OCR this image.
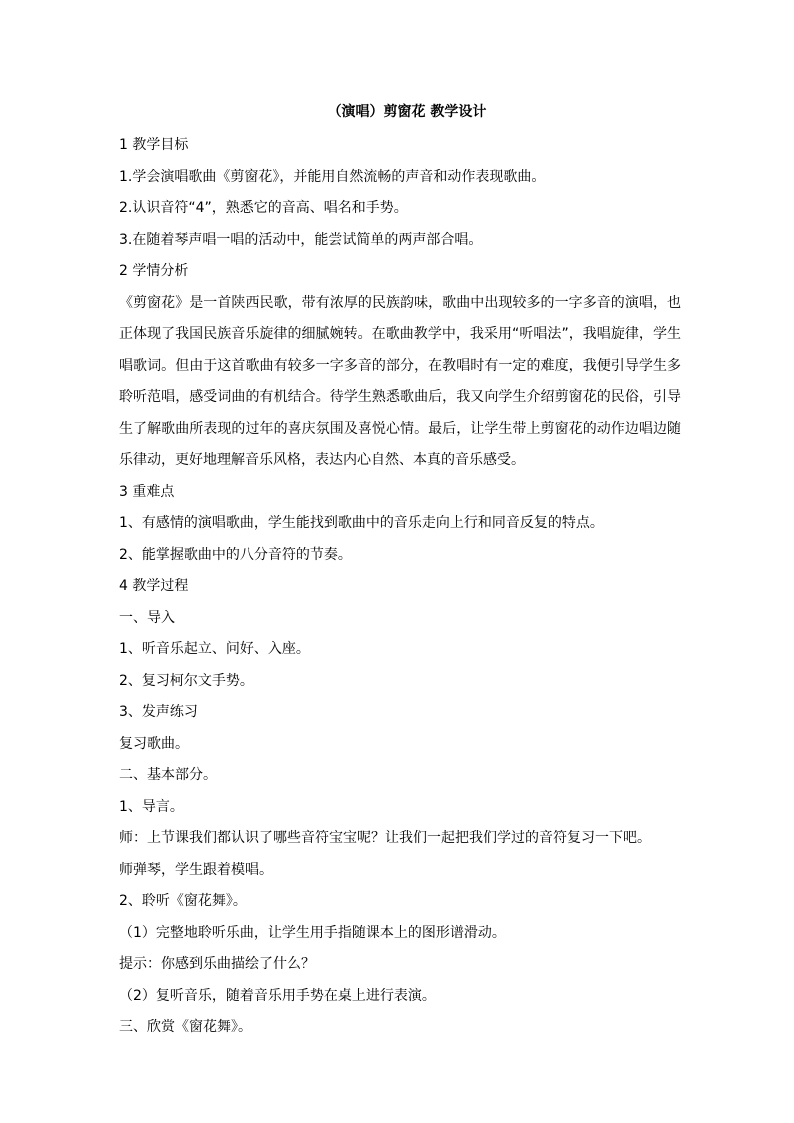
（演唱）剪窗花 教学设计

1 教学目标

1.学会演唱歌曲《剪窗花》，并能用自然流畅的声音和动作表现歌曲。

2.认识音符“4”，熟悉它的音高、唱名和手势。

3.在随着琴声唱一唱的活动中，能尝试简单的两声部合唱。

2 学情分析

《剪窗花》是一首陕西民歌，带有浓厚的民族韵味，歌曲中出现较多的一字多音的演唱，也正体现了我国民族音乐旋律的细腻婉转。在歌曲教学中，我采用“听唱法”，我唱旋律，学生唱歌词。但由于这首歌曲有较多一字多音的部分，在教唱时有一定的难度，我便引导学生多聆听范唱，感受词曲的有机结合。待学生熟悉歌曲后，我又向学生介绍剪窗花的民俗，引导生了解歌曲所表现的过年的喜庆氛围及喜悦心情。最后，让学生带上剪窗花的动作边唱边随乐律动，更好地理解音乐风格，表达内心自然、本真的音乐感受。

3 重难点

1、有感情的演唱歌曲，学生能找到歌曲中的音乐走向上行和同音反复的特点。

2、能掌握歌曲中的八分音符的节奏。

4 教学过程

一、导入

1、听音乐起立、问好、入座。

2、复习柯尔文手势。

3、发声练习

复习歌曲。

二、基本部分。

1、导言。

师：上节课我们都认识了哪些音符宝宝呢？让我们一起把我们学过的音符复习一下吧。

师弹琴，学生跟着模唱。

2、聆听《窗花舞》。

（1）完整地聆听乐曲，让学生用手指随课本上的图形谱滑动。

提示：你感到乐曲描绘了什么？

（2）复听音乐，随着音乐用手势在桌上进行表演。

三、欣赏《窗花舞》。
